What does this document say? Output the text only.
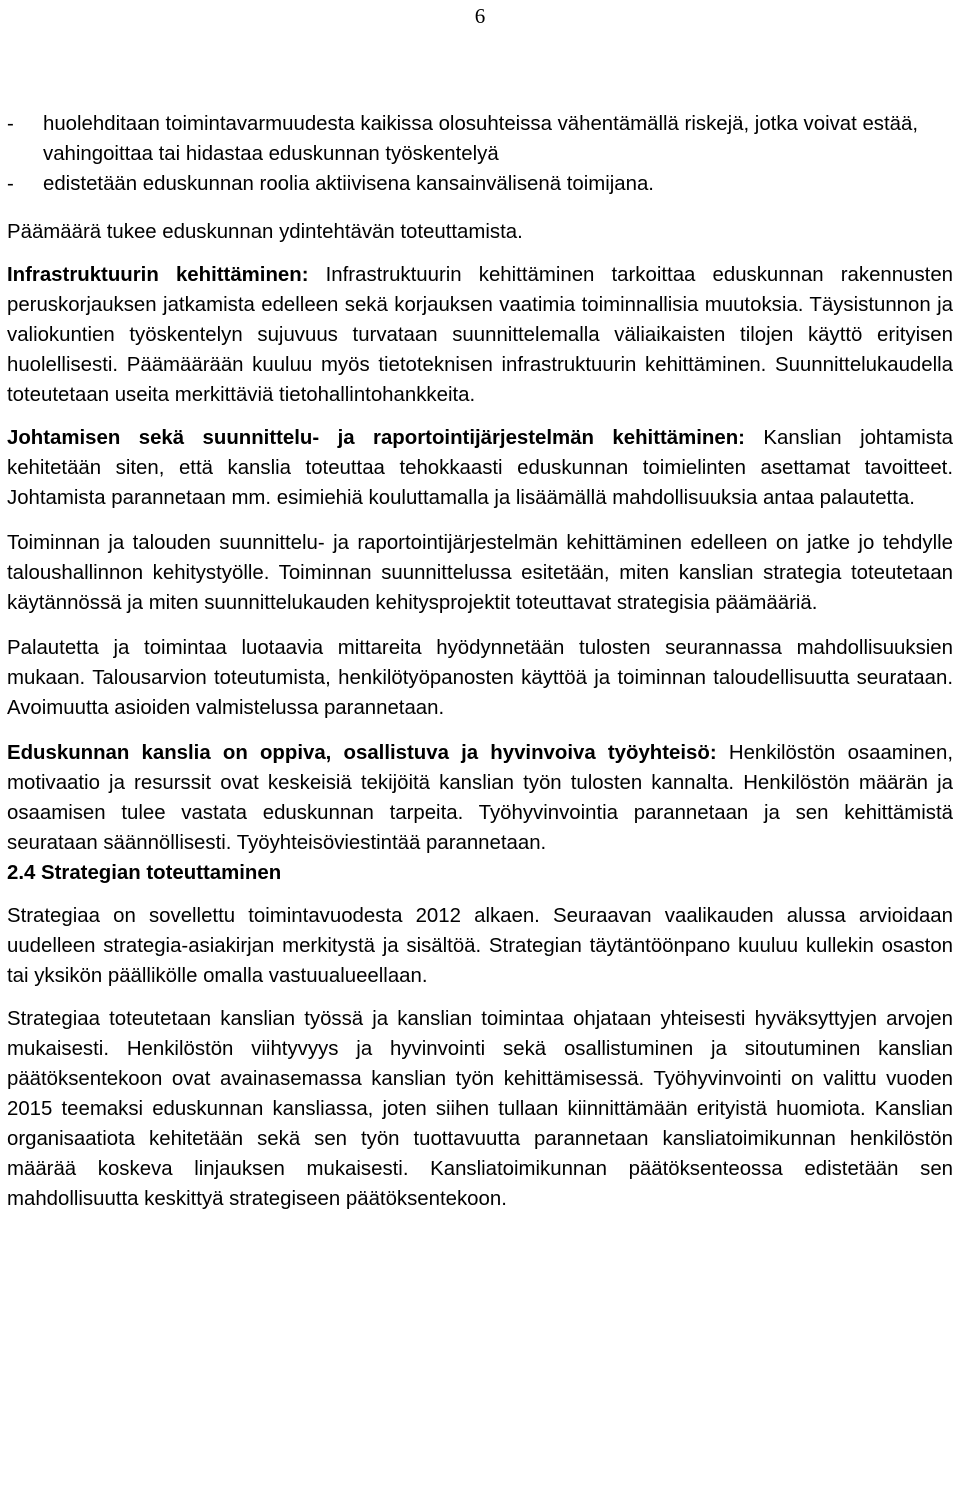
6

- huolehditaan toimintavarmuudesta kaikissa olosuhteissa vähentämällä riskejä, jotka voivat estää, vahingoittaa tai hidastaa eduskunnan työskentelyä

- edistetään eduskunnan roolia aktiivisena kansainvälisenä toimijana.

Päämäärä tukee eduskunnan ydintehtävän toteuttamista.

Infrastruktuurin kehittäminen: Infrastruktuurin kehittäminen tarkoittaa eduskunnan rakennusten peruskorjauksen jatkamista edelleen sekä korjauksen vaatimia toiminnallisia muutoksia. Täysistunnon ja valiokuntien työskentelyn sujuvuus turvataan suunnittelemalla väliaikaisten tilojen käyttö erityisen huolellisesti. Päämäärään kuuluu myös tietoteknisen infrastruktuurin kehittäminen. Suunnittelukaudella toteutetaan useita merkittäviä tietohallintohankkeita.

Johtamisen sekä suunnittelu- ja raportointijärjestelmän kehittäminen: Kanslian johtamista kehitetään siten, että kanslia toteuttaa tehokkaasti eduskunnan toimielinten asettamat tavoitteet. Johtamista parannetaan mm. esimiehiä kouluttamalla ja lisäämällä mahdollisuuksia antaa palautetta.

Toiminnan ja talouden suunnittelu- ja raportointijärjestelmän kehittäminen edelleen on jatke jo tehdylle taloushallinnon kehitystyölle. Toiminnan suunnittelussa esitetään, miten kanslian strategia toteutetaan käytännössä ja miten suunnittelukauden kehitysprojektit toteuttavat strategisia päämääriä.

Palautetta ja toimintaa luotaavia mittareita hyödynnetään tulosten seurannassa mahdollisuuksien mukaan. Talousarvion toteutumista, henkilötyöpanosten käyttöä ja toiminnan taloudellisuutta seurataan. Avoimuutta asioiden valmistelussa parannetaan.

Eduskunnan kanslia on oppiva, osallistuva ja hyvinvoiva työyhteisö: Henkilöstön osaaminen, motivaatio ja resurssit ovat keskeisiä tekijöitä kanslian työn tulosten kannalta. Henkilöstön määrän ja osaamisen tulee vastata eduskunnan tarpeita. Työhyvinvointia parannetaan ja sen kehittämistä seurataan säännöllisesti. Työyhteisöviestintää parannetaan.

2.4 Strategian toteuttaminen

Strategiaa on sovellettu toimintavuodesta 2012 alkaen. Seuraavan vaalikauden alussa arvioidaan uudelleen strategia-asiakirjan merkitystä ja sisältöä. Strategian täytäntöönpano kuuluu kullekin osaston tai yksikön päällikölle omalla vastuualueellaan.

Strategiaa toteutetaan kanslian työssä ja kanslian toimintaa ohjataan yhteisesti hyväksyttyjen arvojen mukaisesti. Henkilöstön viihtyvyys ja hyvinvointi sekä osallistuminen ja sitoutuminen kanslian päätöksentekoon ovat avainasemassa kanslian työn kehittämisessä. Työhyvinvointi on valittu vuoden 2015 teemaksi eduskunnan kansliassa, joten siihen tullaan kiinnittämään erityistä huomiota. Kanslian organisaatiota kehitetään sekä sen työn tuottavuutta parannetaan kansliatoimikunnan henkilöstön määrää koskeva linjauksen mukaisesti. Kansliatoimikunnan päätöksenteossa edistetään sen mahdollisuutta keskittyä strategiseen päätöksentekoon.
